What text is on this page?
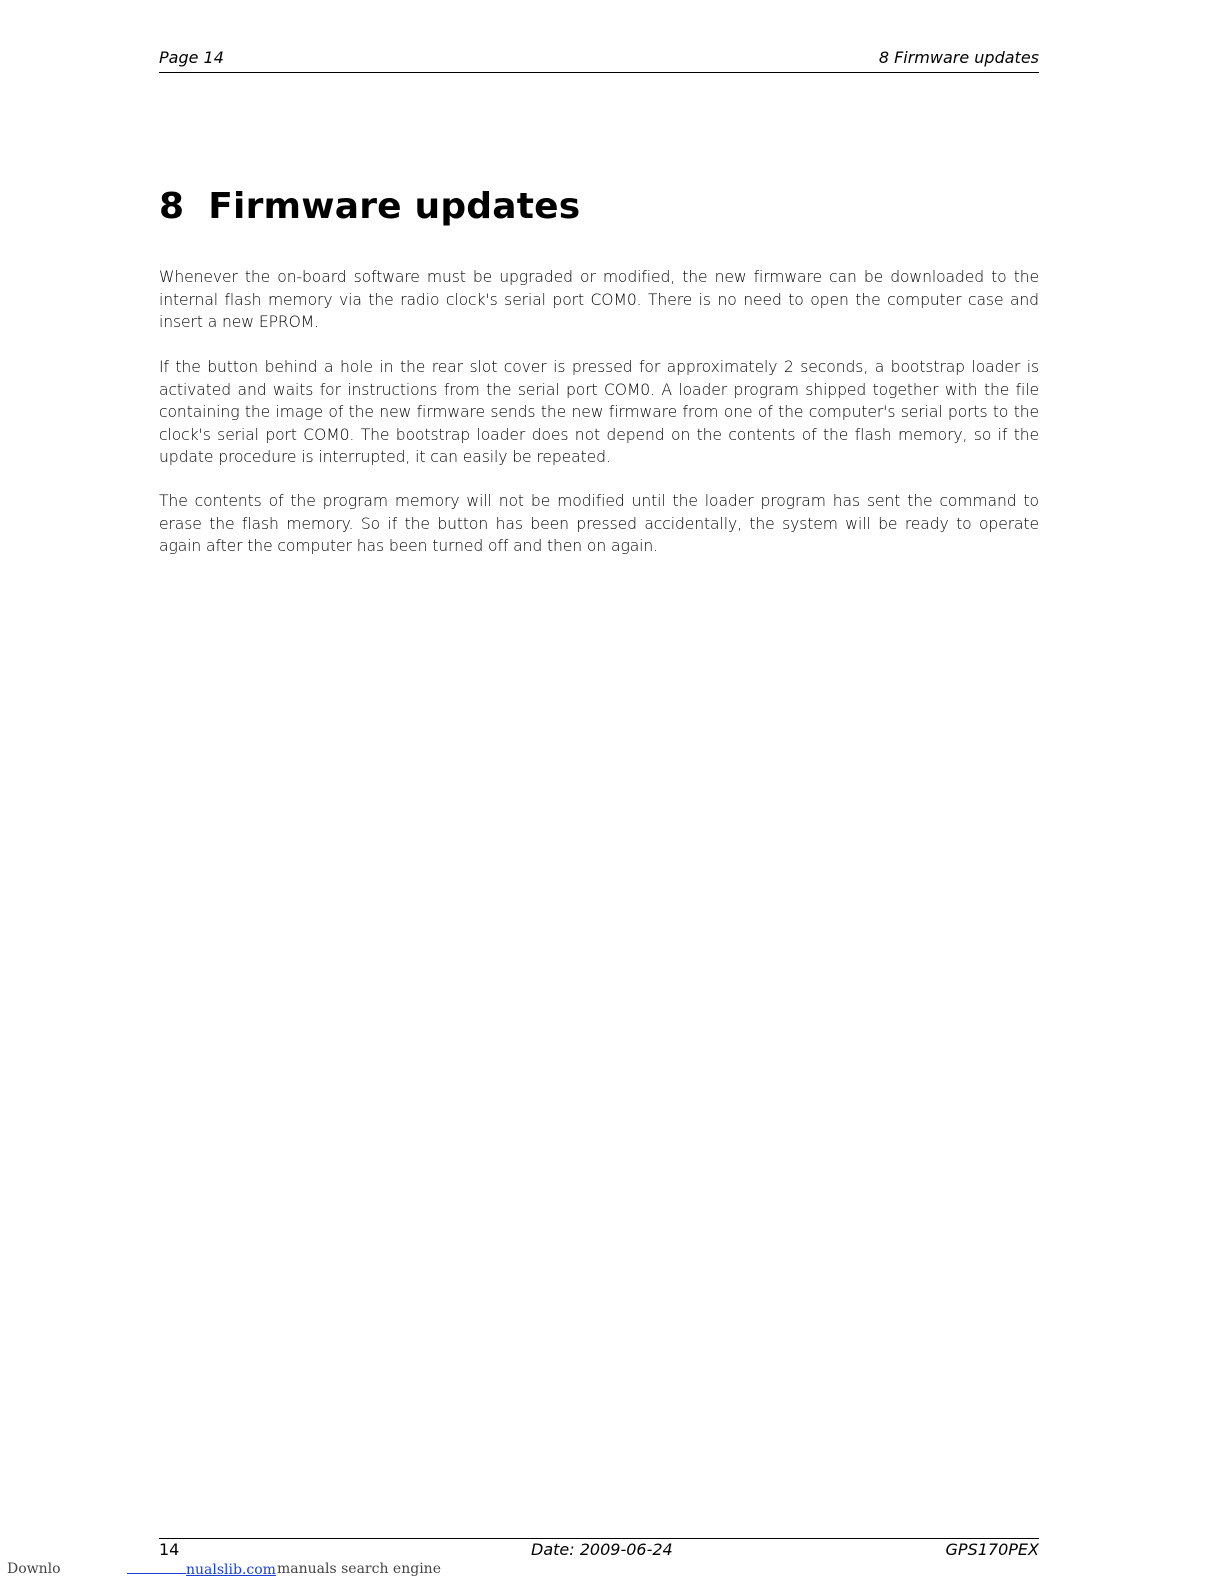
Page 14	8 Firmware updates
8 Firmware updates

Whenever the on-board software must be upgraded or modified, the new firmware can be downloaded to the internal flash memory via the radio clock's serial port COM0. There is no need to open the computer case and insert a new EPROM.

If the button behind a hole in the rear slot cover is pressed for approximately 2 seconds, a bootstrap loader is activated and waits for instructions from the serial port COM0. A loader program shipped together with the file containing the image of the new firmware sends the new firmware from one of the computer's serial ports to the clock's serial port COM0. The bootstrap loader does not depend on the contents of the flash memory, so if the update procedure is interrupted, it can easily be repeated.

The contents of the program memory will not be modified until the loader program has sent the command to erase the flash memory. So if the button has been pressed accidentally, the system will be ready to operate again after the computer has been turned off and then on again.

14	Date: 2009-06-24	GPS170PEX
Downlo	nualslib.com manuals search engine
